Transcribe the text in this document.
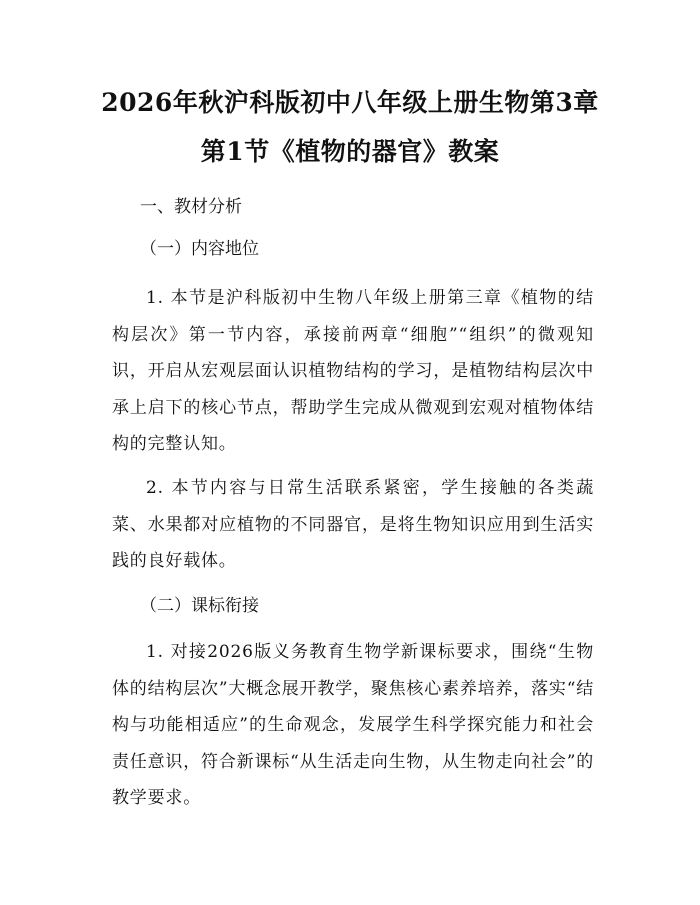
2026年秋沪科版初中八年级上册生物第3章
第1节《植物的器官》教案

一、教材分析

（一）内容地位

1. 本节是沪科版初中生物八年级上册第三章《植物的结构层次》第一节内容，承接前两章“细胞”“组织”的微观知识，开启从宏观层面认识植物结构的学习，是植物结构层次中承上启下的核心节点，帮助学生完成从微观到宏观对植物体结构的完整认知。

2. 本节内容与日常生活联系紧密，学生接触的各类蔬菜、水果都对应植物的不同器官，是将生物知识应用到生活实践的良好载体。

（二）课标衔接

1. 对接2026版义务教育生物学新课标要求，围绕“生物体的结构层次”大概念展开教学，聚焦核心素养培养，落实“结构与功能相适应”的生命观念，发展学生科学探究能力和社会责任意识，符合新课标“从生活走向生物，从生物走向社会”的教学要求。
